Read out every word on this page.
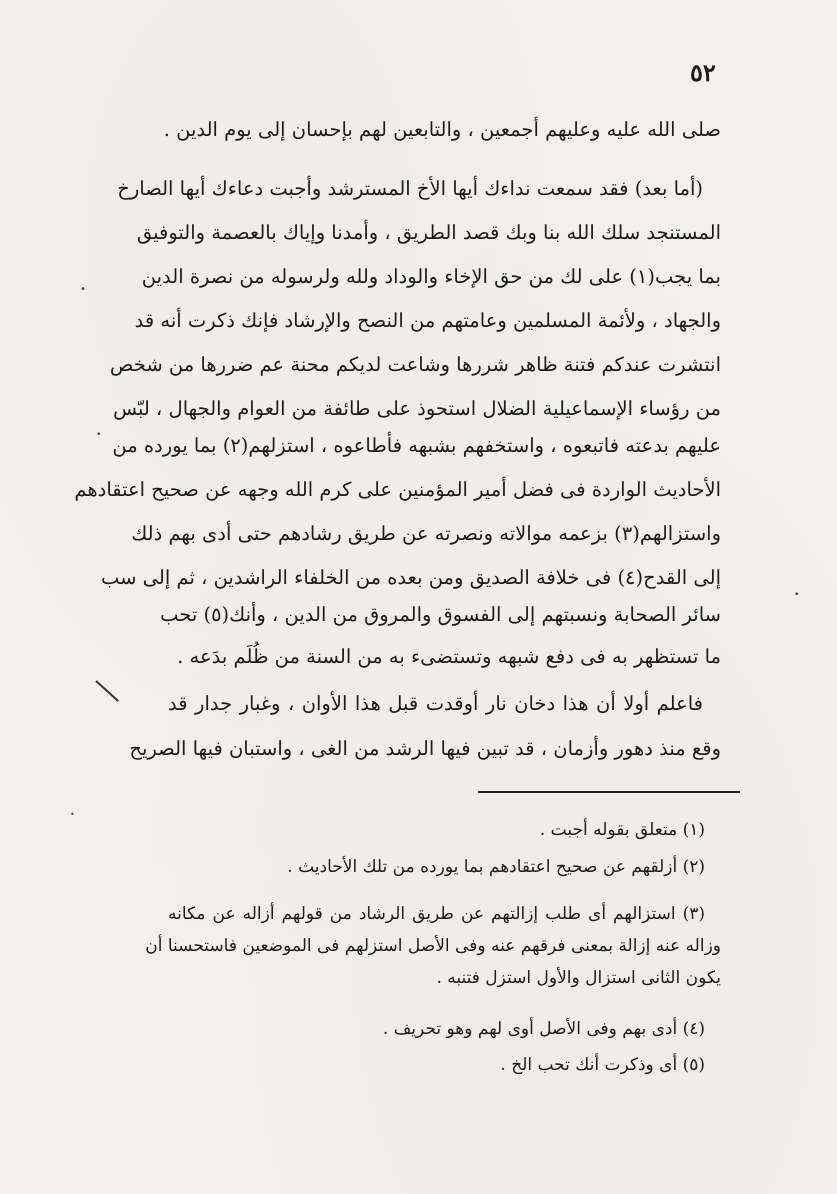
٥٢
صلى الله عليه وعليهم أجمعين ، والتابعين لهم بإحسان إلى يوم الدين .
(أما بعد) فقد سمعت نداءك أيها الأخ المسترشد وأجبت دعاءك أيها الصارخ
المستنجد سلك الله بنا وبك قصد الطريق ، وأمدنا وإياك بالعصمة والتوفيق
بما يجب(١) على لك من حق الإخاء والوداد ولله ولرسوله من نصرة الدين
والجهاد ، ولأئمة المسلمين وعامتهم من النصح والإرشاد فإنك ذكرت أنه قد
انتشرت عندكم فتنة ظاهر شررها وشاعت لديكم محنة عم ضررها من شخص
من رؤساء الإسماعيلية الضلال استحوذ على طائفة من العوام والجهال ، لبّس
عليهم بدعته فاتبعوه ، واستخفهم بشبهه فأطاعوه ، استزلهم(٢) بما يورده من
الأحاديث الواردة فى فضل أمير المؤمنين على كرم الله وجهه عن صحيح اعتقادهم
واستزالهم(٣) بزعمه موالاته ونصرته عن طريق رشادهم حتى أدى بهم ذلك
إلى القدح(٤) فى خلافة الصديق ومن بعده من الخلفاء الراشدين ، ثم إلى سب
سائر الصحابة ونسبتهم إلى الفسوق والمروق من الدين ، وأنك(٥) تحب
ما تستظهر به فى دفع شبهه وتستضىء به من السنة من ظُلَم بدَعه .
فاعلم أولا أن هذا دخان نار أوقدت قبل هذا الأوان ، وغبار جدار قد
وقع منذ دهور وأزمان ، قد تبين فيها الرشد من الغى ، واستبان فيها الصريح
(١) متعلق بقوله أجبت .
(٢) أزلقهم عن صحيح اعتقادهم بما يورده من تلك الأحاديث .
(٣) استزالهم أى طلب إزالتهم عن طريق الرشاد من قولهم أزاله عن مكانه
وزاله عنه إزالة بمعنى فرقهم عنه وفى الأصل استزلهم فى الموضعين فاستحسنا أن
يكون الثانى استزال والأول استزل فتنبه .
(٤) أدى بهم وفى الأصل أوى لهم وهو تحريف .
(٥) أى وذكرت أنك تحب الخ .
•
•
•
•
